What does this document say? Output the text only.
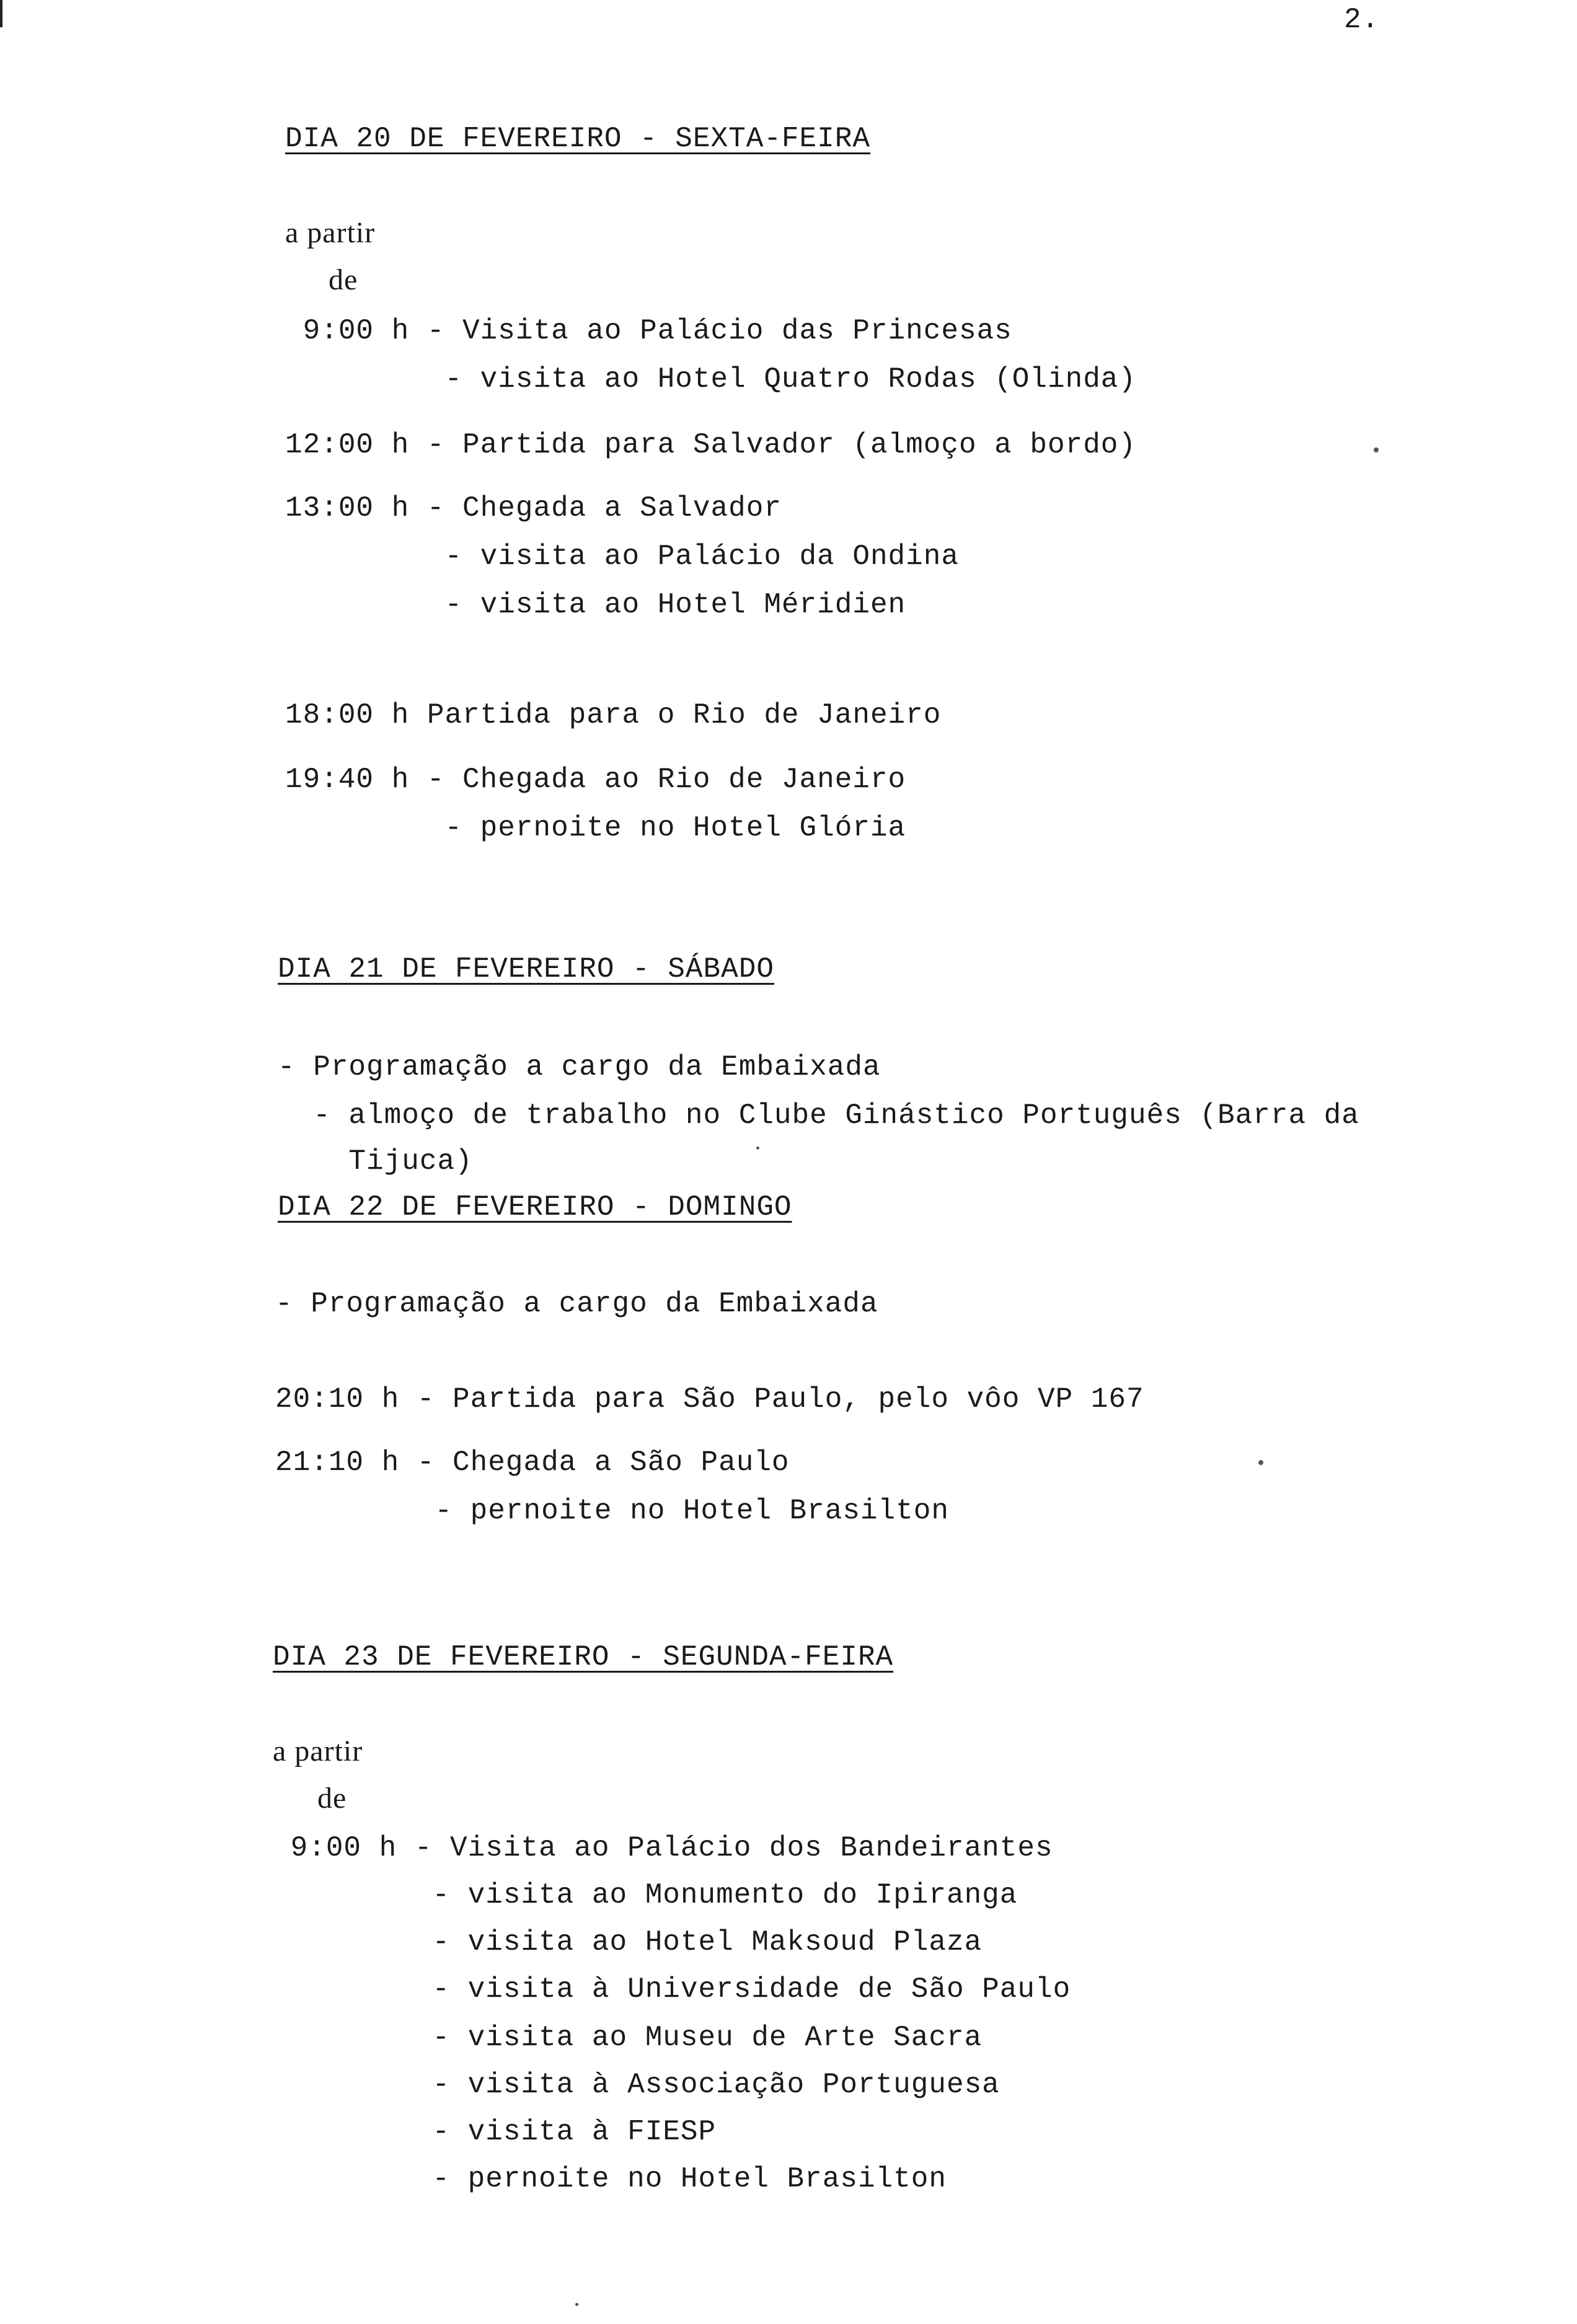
2.
DIA 20 DE FEVEREIRO - SEXTA-FEIRA
a partir
de
9:00 h - Visita ao Palácio das Princesas
- visita ao Hotel Quatro Rodas (Olinda)
12:00 h - Partida para Salvador (almoço a bordo)
13:00 h - Chegada a Salvador
- visita ao Palácio da Ondina
- visita ao Hotel Méridien
18:00 h Partida para o Rio de Janeiro
19:40 h - Chegada ao Rio de Janeiro
- pernoite no Hotel Glória
DIA 21 DE FEVEREIRO - SÁBADO
- Programação a cargo da Embaixada
- almoço de trabalho no Clube Ginástico Português (Barra da
Tijuca)
DIA 22 DE FEVEREIRO - DOMINGO
- Programação a cargo da Embaixada
20:10 h - Partida para São Paulo, pelo vôo VP 167
21:10 h - Chegada a São Paulo
- pernoite no Hotel Brasilton
DIA 23 DE FEVEREIRO - SEGUNDA-FEIRA
a partir
de
9:00 h - Visita ao Palácio dos Bandeirantes
- visita ao Monumento do Ipiranga
- visita ao Hotel Maksoud Plaza
- visita à Universidade de São Paulo
- visita ao Museu de Arte Sacra
- visita à Associação Portuguesa
- visita à FIESP
- pernoite no Hotel Brasilton
